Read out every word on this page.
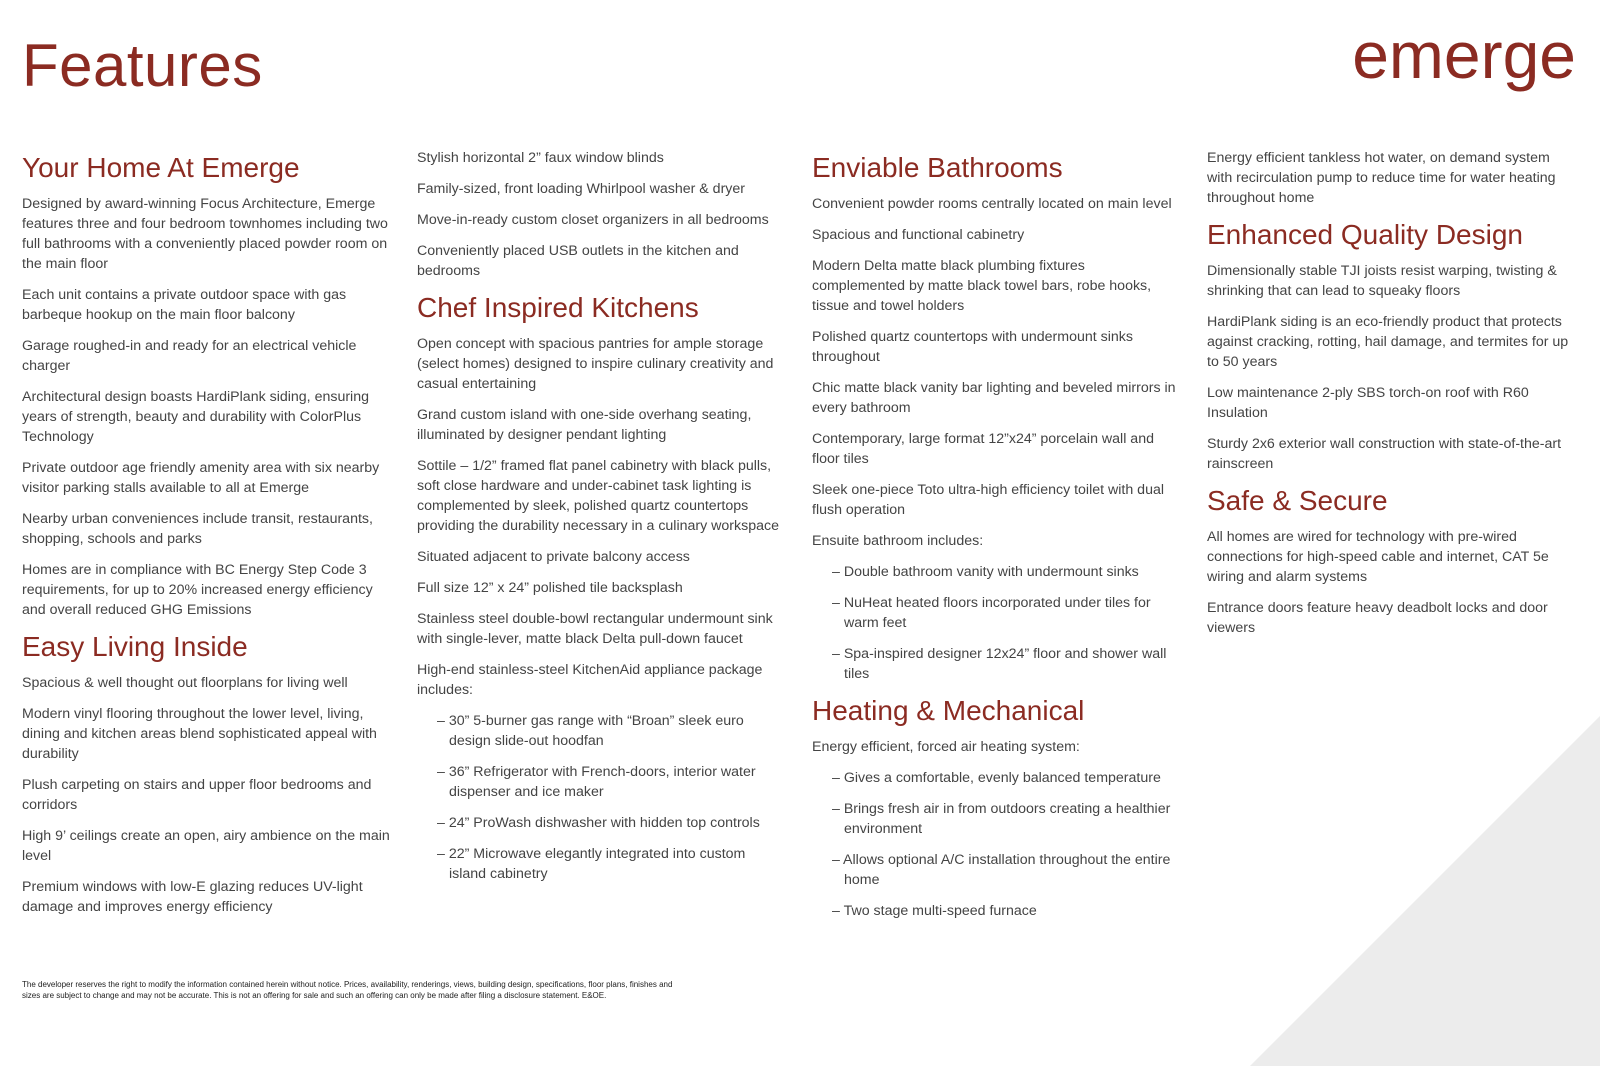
Features	emerge
Your Home At Emerge

Designed by award-winning Focus Architecture, Emerge features three and four bedroom townhomes including two full bathrooms with a conveniently placed powder room on the main floor

Each unit contains a private outdoor space with gas barbeque hookup on the main floor balcony

Garage roughed-in and ready for an electrical vehicle charger

Architectural design boasts HardiPlank siding, ensuring years of strength, beauty and durability with ColorPlus Technology

Private outdoor age friendly amenity area with six nearby visitor parking stalls available to all at Emerge

Nearby urban conveniences include transit, restaurants, shopping, schools and parks

Homes are in compliance with BC Energy Step Code 3 requirements, for up to 20% increased energy efficiency and overall reduced GHG Emissions

Easy Living Inside

Spacious & well thought out floorplans for living well

Modern vinyl flooring throughout the lower level, living, dining and kitchen areas blend sophisticated appeal with durability

Plush carpeting on stairs and upper floor bedrooms and corridors

High 9’ ceilings create an open, airy ambience on the main level

Premium windows with low-E glazing reduces UV-light damage and improves energy efficiency

Stylish horizontal 2” faux window blinds

Family-sized, front loading Whirlpool washer & dryer

Move-in-ready custom closet organizers in all bedrooms

Conveniently placed USB outlets in the kitchen and bedrooms

Chef Inspired Kitchens

Open concept with spacious pantries for ample storage (select homes) designed to inspire culinary creativity and casual entertaining

Grand custom island with one-side overhang seating, illuminated by designer pendant lighting

Sottile – 1/2” framed flat panel cabinetry with black pulls, soft close hardware and under-cabinet task lighting is complemented by sleek, polished quartz countertops providing the durability necessary in a culinary workspace

Situated adjacent to private balcony access

Full size 12” x 24” polished tile backsplash

Stainless steel double-bowl rectangular undermount sink with single-lever, matte black Delta pull-down faucet

High-end stainless-steel KitchenAid appliance package includes:

– 30” 5-burner gas range with “Broan” sleek euro design slide-out hoodfan

– 36” Refrigerator with French-doors, interior water dispenser and ice maker

– 24” ProWash dishwasher with hidden top controls

– 22” Microwave elegantly integrated into custom island cabinetry

Enviable Bathrooms

Convenient powder rooms centrally located on main level

Spacious and functional cabinetry

Modern Delta matte black plumbing fixtures complemented by matte black towel bars, robe hooks, tissue and towel holders

Polished quartz countertops with undermount sinks throughout

Chic matte black vanity bar lighting and beveled mirrors in every bathroom

Contemporary, large format 12”x24” porcelain wall and floor tiles

Sleek one-piece Toto ultra-high efficiency toilet with dual flush operation

Ensuite bathroom includes:

– Double bathroom vanity with undermount sinks

– NuHeat heated floors incorporated under tiles for warm feet

– Spa-inspired designer 12x24” floor and shower wall tiles

Heating & Mechanical

Energy efficient, forced air heating system:

– Gives a comfortable, evenly balanced temperature

– Brings fresh air in from outdoors creating a healthier environment

– Allows optional A/C installation throughout the entire home

– Two stage multi-speed furnace

Energy efficient tankless hot water, on demand system with recirculation pump to reduce time for water heating throughout home

Enhanced Quality Design

Dimensionally stable TJI joists resist warping, twisting & shrinking that can lead to squeaky floors

HardiPlank siding is an eco-friendly product that protects against cracking, rotting, hail damage, and termites for up to 50 years

Low maintenance 2-ply SBS torch-on roof with R60 Insulation

Sturdy 2x6 exterior wall construction with state-of-the-art rainscreen

Safe & Secure

All homes are wired for technology with pre-wired connections for high-speed cable and internet, CAT 5e wiring and alarm systems

Entrance doors feature heavy deadbolt locks and door viewers

The developer reserves the right to modify the information contained herein without notice. Prices, availability, renderings, views, building design, specifications, floor plans, finishes and sizes are subject to change and may not be accurate. This is not an offering for sale and such an offering can only be made after filing a disclosure statement. E&OE.
